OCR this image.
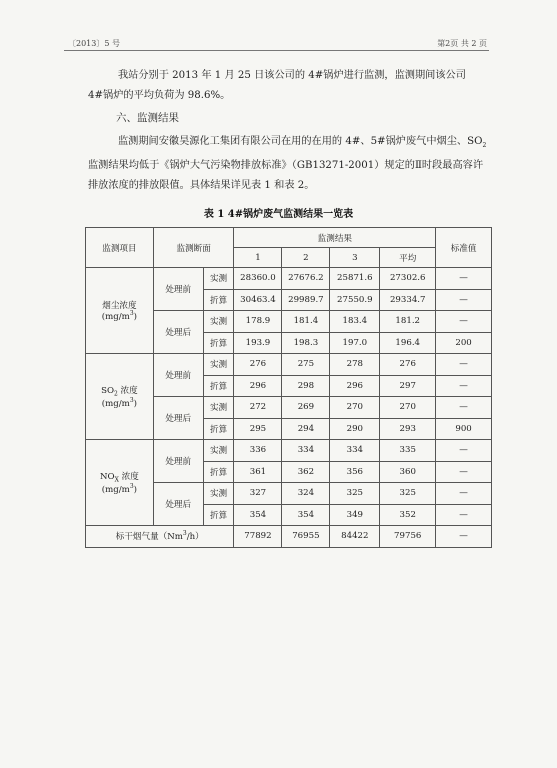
〔2013〕5 号	第2页 共 2 页
我站分别于 2013 年 1 月 25 日该公司的 4#锅炉进行监测，监测期间该公司
4#锅炉的平均负荷为 98.6%。
六、监测结果
监测期间安徽昊源化工集团有限公司在用的在用的 4#、5#锅炉废气中烟尘、$SO_2$ 监测结果均低于《锅炉大气污染物排放标准》（GB13271-2001）规定的Ⅱ时段最高容许排放浓度的排放限值。具体结果详见表 1 和表 2。
表 1 4#锅炉废气监测结果一览表
监测项目	监测断面		监测结果				标准值
			1	2	3	平均	
烟尘浓度
$(mg/m^3)$	处理前	实测	28360.0	27676.2	25871.6	27302.6	—
		折算	30463.4	29989.7	27550.9	29334.7	—
	处理后	实测	178.9	181.4	183.4	181.2	—
		折算	193.9	198.3	197.0	196.4	200
$SO_2$ 浓度
$(mg/m^3)$	处理前	实测	276	275	278	276	—
		折算	296	298	296	297	—
	处理后	实测	272	269	270	270	—
		折算	295	294	290	293	900
$NO_X$ 浓度
$(mg/m^3)$	处理前	实测	336	334	334	335	—
		折算	361	362	356	360	—
	处理后	实测	327	324	325	325	—
		折算	354	354	349	352	—
标干烟气量（Nm$^3$/h）			77892	76955	84422	79756	—
